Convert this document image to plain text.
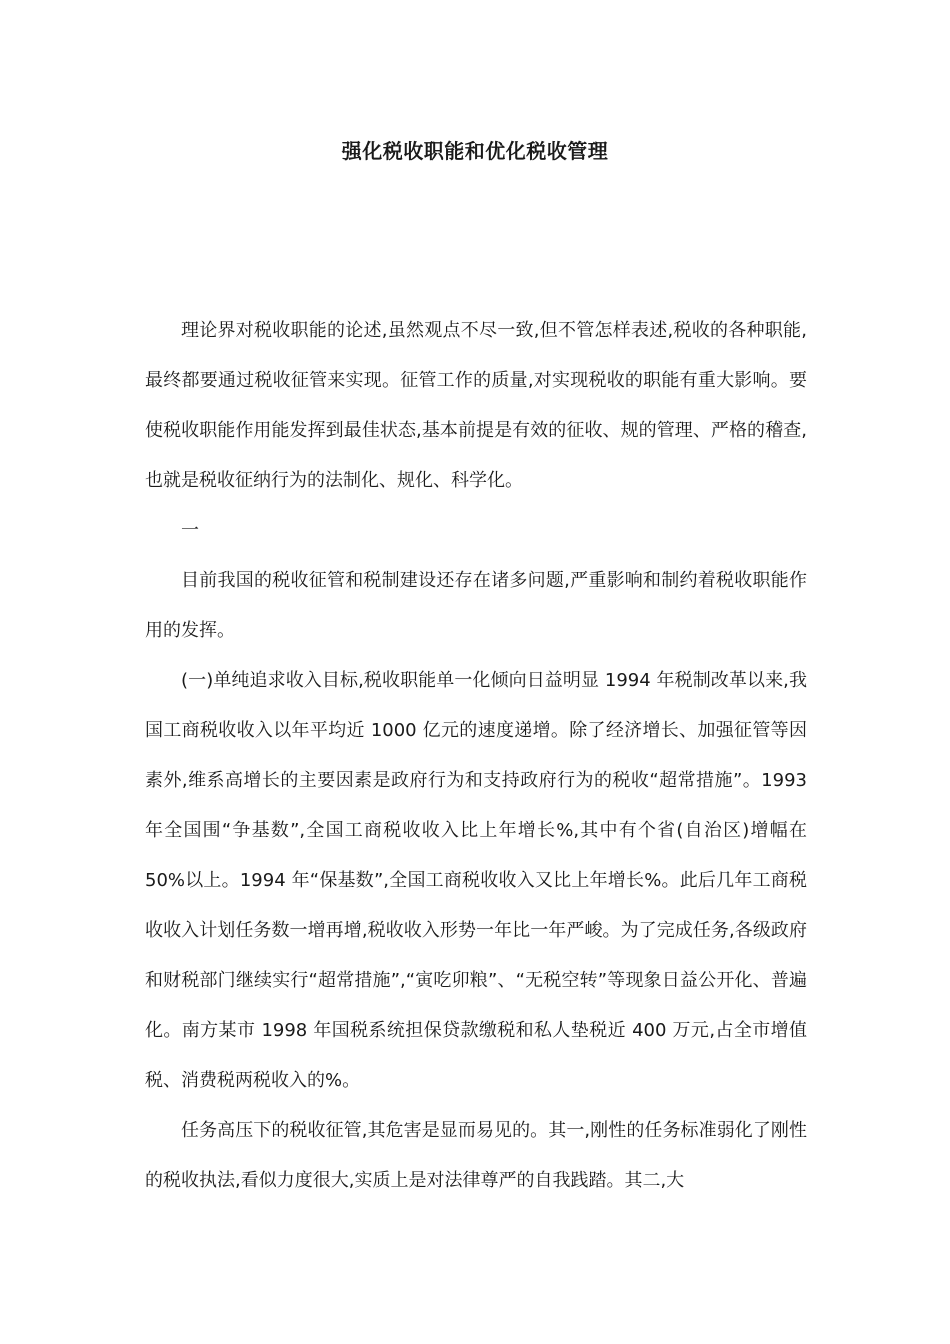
强化税收职能和优化税收管理

理论界对税收职能的论述,虽然观点不尽一致,但不管怎样表述,税收的各种职能,最终都要通过税收征管来实现。征管工作的质量,对实现税收的职能有重大影响。要使税收职能作用能发挥到最佳状态,基本前提是有效的征收、规的管理、严格的稽查,也就是税收征纳行为的法制化、规化、科学化。

一

目前我国的税收征管和税制建设还存在诸多问题,严重影响和制约着税收职能作用的发挥。

(一)单纯追求收入目标,税收职能单一化倾向日益明显 1994 年税制改革以来,我国工商税收收入以年平均近 1000 亿元的速度递增。除了经济增长、加强征管等因素外,维系高增长的主要因素是政府行为和支持政府行为的税收“超常措施”。1993 年全国围“争基数”,全国工商税收收入比上年增长%,其中有个省(自治区)增幅在 50%以上。1994 年“保基数”,全国工商税收收入又比上年增长%。此后几年工商税收收入计划任务数一增再增,税收收入形势一年比一年严峻。为了完成任务,各级政府和财税部门继续实行“超常措施”,“寅吃卯粮”、“无税空转”等现象日益公开化、普遍化。南方某市 1998 年国税系统担保贷款缴税和私人垫税近 400 万元,占全市增值税、消费税两税收入的%。

任务高压下的税收征管,其危害是显而易见的。其一,刚性的任务标准弱化了刚性的税收执法,看似力度很大,实质上是对法律尊严的自我践踏。其二,大
